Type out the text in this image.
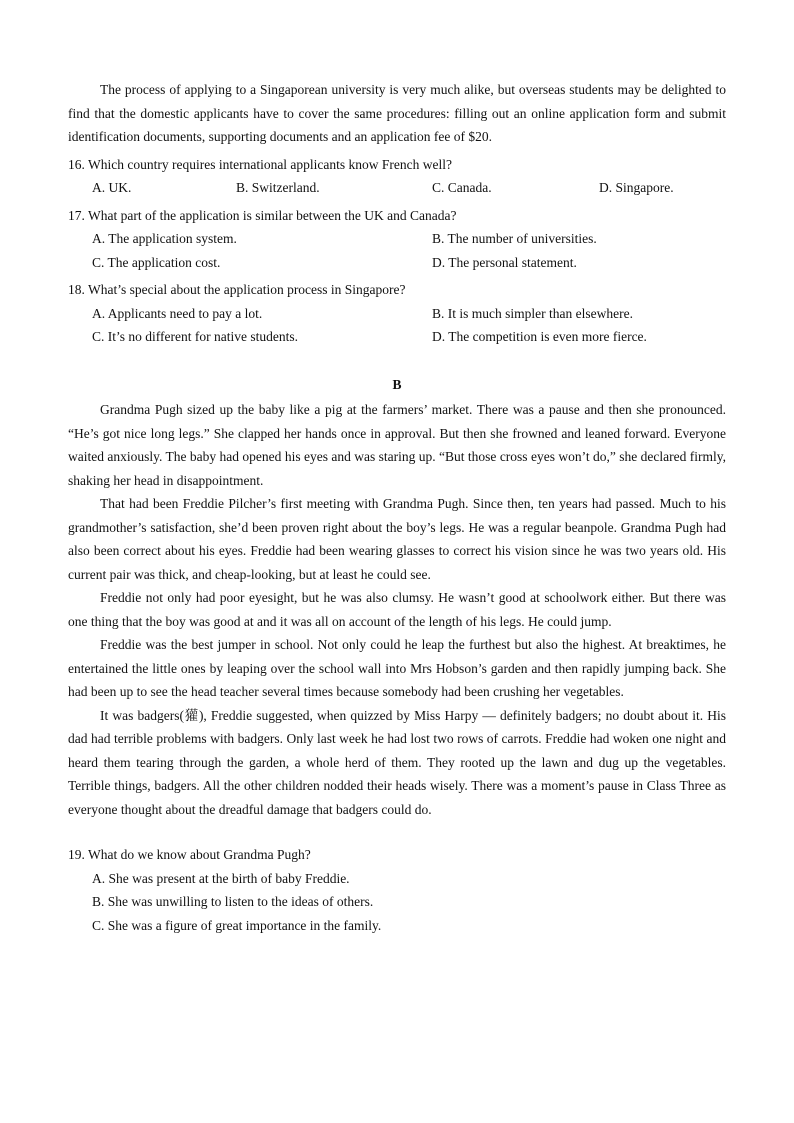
The process of applying to a Singaporean university is very much alike, but overseas students may be delighted to find that the domestic applicants have to cover the same procedures: filling out an online application form and submit identification documents, supporting documents and an application fee of $20.

16. Which country requires international applicants know French well?

A. UK.	B. Switzerland.	C. Canada.	D. Singapore.

17. What part of the application is similar between the UK and Canada?

A. The application system.	B. The number of universities.
C. The application cost.	D. The personal statement.

18. What’s special about the application process in Singapore?

A. Applicants need to pay a lot.	B. It is much simpler than elsewhere.
C. It’s no different for native students.	D. The competition is even more fierce.
B

Grandma Pugh sized up the baby like a pig at the farmers’ market. There was a pause and then she pronounced. “He’s got nice long legs.” She clapped her hands once in approval. But then she frowned and leaned forward. Everyone waited anxiously. The baby had opened his eyes and was staring up. “But those cross eyes won’t do,” she declared firmly, shaking her head in disappointment.

That had been Freddie Pilcher’s first meeting with Grandma Pugh. Since then, ten years had passed. Much to his grandmother’s satisfaction, she’d been proven right about the boy’s legs. He was a regular beanpole. Grandma Pugh had also been correct about his eyes. Freddie had been wearing glasses to correct his vision since he was two years old. His current pair was thick, and cheap-looking, but at least he could see.

Freddie not only had poor eyesight, but he was also clumsy. He wasn’t good at schoolwork either. But there was one thing that the boy was good at and it was all on account of the length of his legs. He could jump.

Freddie was the best jumper in school. Not only could he leap the furthest but also the highest. At breaktimes, he entertained the little ones by leaping over the school wall into Mrs Hobson’s garden and then rapidly jumping back. She had been up to see the head teacher several times because somebody had been crushing her vegetables.

It was badgers(獾), Freddie suggested, when quizzed by Miss Harpy — definitely badgers; no doubt about it. His dad had terrible problems with badgers. Only last week he had lost two rows of carrots. Freddie had woken one night and heard them tearing through the garden, a whole herd of them. They rooted up the lawn and dug up the vegetables. Terrible things, badgers. All the other children nodded their heads wisely. There was a moment’s pause in Class Three as everyone thought about the dreadful damage that badgers could do.

19. What do we know about Grandma Pugh?

A. She was present at the birth of baby Freddie.
B. She was unwilling to listen to the ideas of others.
C. She was a figure of great importance in the family.
